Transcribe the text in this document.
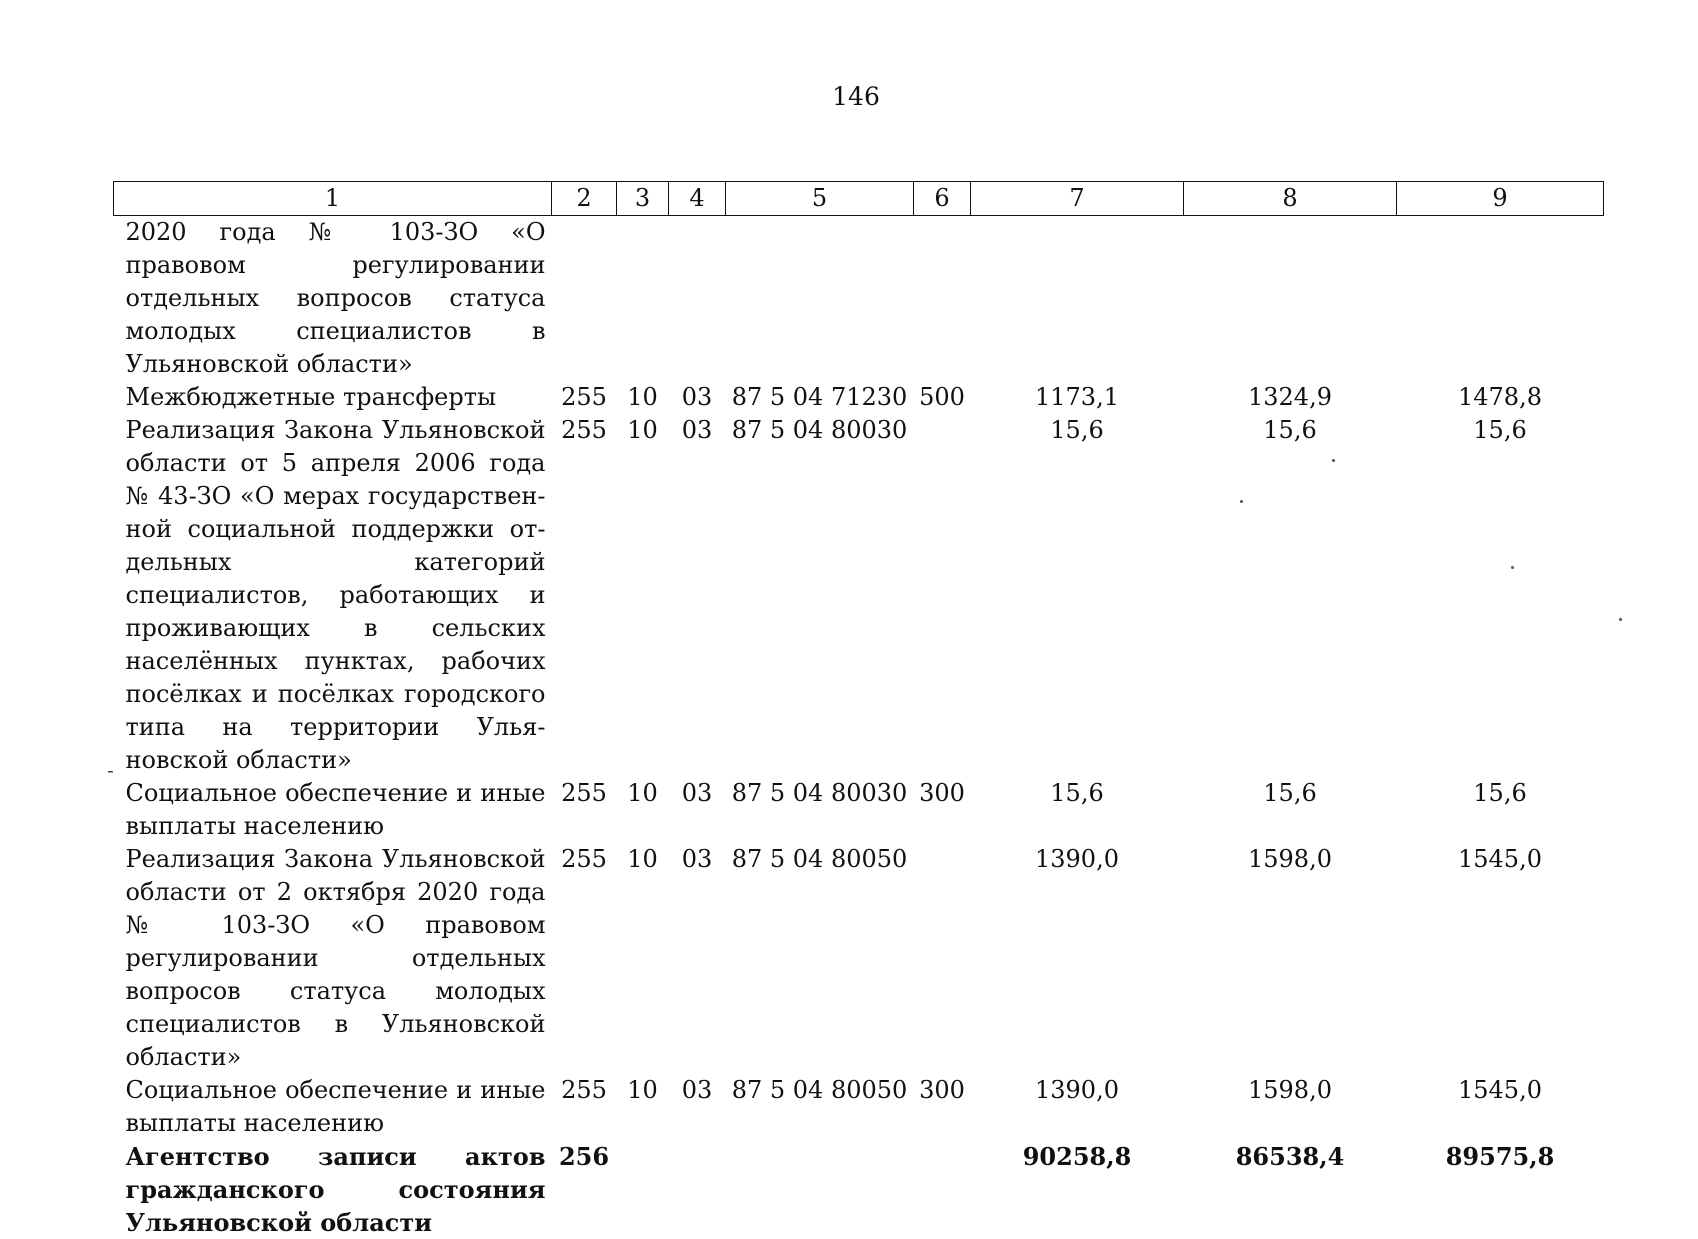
146
1	2	3	4	5	6	7	8	9
2020 года № 103-ЗО «О правовом регулировании отдельных вопросов статуса молодых специалистов в Ульяновской области»								
Межбюджетные трансферты	255	10	03	87 5 04 71230	500	1173,1	1324,9	1478,8
Реализация Закона Ульяновской области от 5 апреля 2006 года № 43-ЗО «О мерах государственной социальной поддержки отдельных категорий специалистов, работающих и проживающих в сельских населённых пунктах, рабочих посёлках и посёлках городского типа на территории Ульяновской области»	255	10	03	87 5 04 80030		15,6	15,6	15,6
Социальное обеспечение и иные выплаты населению	255	10	03	87 5 04 80030	300	15,6	15,6	15,6
Реализация Закона Ульяновской области от 2 октября 2020 года № 103-ЗО «О правовом регулировании отдельных вопросов статуса молодых специалистов в Ульяновской области»	255	10	03	87 5 04 80050		1390,0	1598,0	1545,0
Социальное обеспечение и иные выплаты населению	255	10	03	87 5 04 80050	300	1390,0	1598,0	1545,0
Агентство записи актов гражданского состояния Ульяновской области	256					90258,8	86538,4	89575,8
-
